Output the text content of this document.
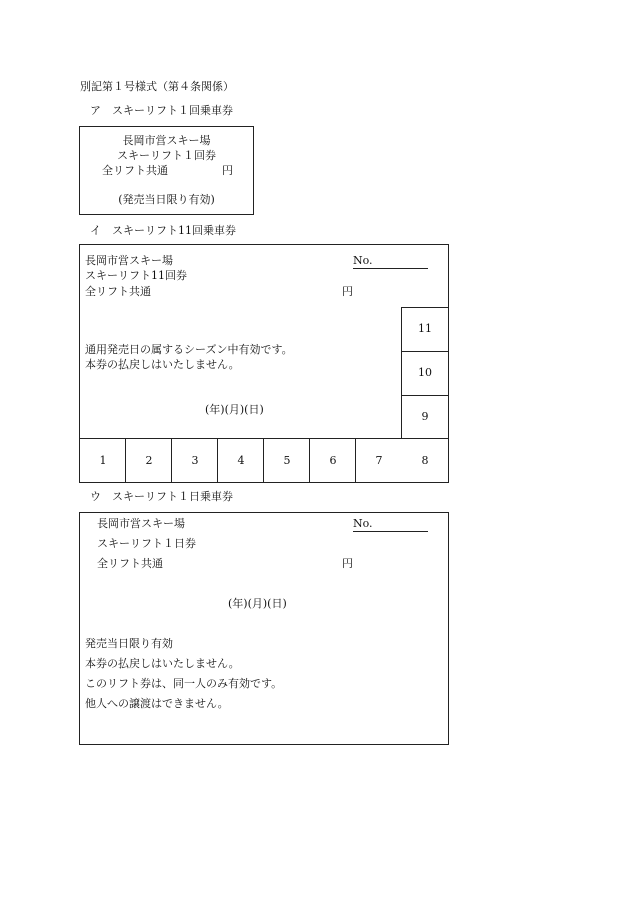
別記第１号様式（第４条関係）
ア　スキーリフト１回乗車券
長岡市営スキー場
スキーリフト１回券
全リフト共通	円
(発売当日限り有効)
イ　スキーリフト11回乗車券
長岡市営スキー場	No.
スキーリフト11回券
全リフト共通	円
通用発売日の属するシーズン中有効です。
本券の払戻しはいたしません。
(年)(月)(日)
11
10
9
1	2	3	4	5	6	7	8
ウ　スキーリフト１日乗車券
長岡市営スキー場	No.
スキーリフト１日券
全リフト共通	円
(年)(月)(日)
発売当日限り有効
本券の払戻しはいたしません。
このリフト券は、同一人のみ有効です。
他人への譲渡はできません。
